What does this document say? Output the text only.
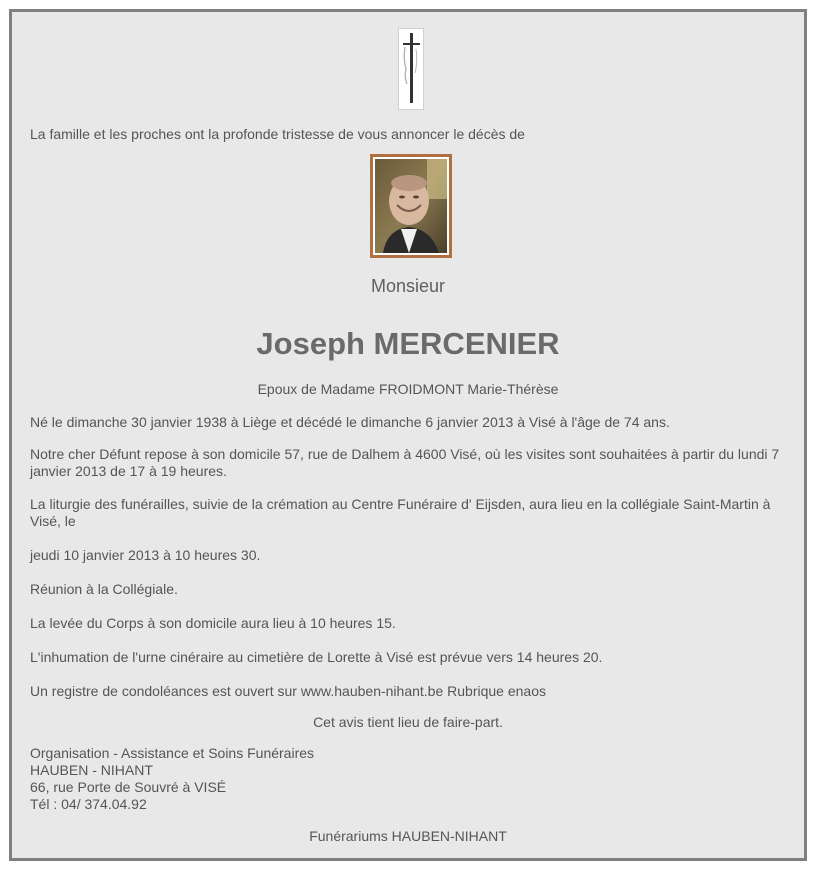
La famille et les proches ont la profonde tristesse de vous annoncer le décès de
Monsieur
Joseph MERCENIER
Epoux de Madame FROIDMONT Marie-Thérèse
Né le dimanche 30 janvier 1938 à Liège et décédé le dimanche 6 janvier 2013 à Visé à l'âge de 74 ans.
Notre cher Défunt repose à son domicile 57, rue de Dalhem à 4600 Visé, où les visites sont souhaitées à partir du lundi 7 janvier 2013 de 17 à 19 heures.
La liturgie des funérailles, suivie de la crémation au Centre Funéraire d' Eijsden, aura lieu en la collégiale Saint-Martin à Visé, le
jeudi 10 janvier 2013 à 10 heures 30.
Réunion à la Collégiale.
La levée du Corps à son domicile aura lieu à 10 heures 15.
L'inhumation de l'urne cinéraire au cimetière de Lorette à Visé est prévue vers 14 heures 20.
Un registre de condoléances est ouvert sur www.hauben-nihant.be Rubrique enaos
Cet avis tient lieu de faire-part.
Organisation - Assistance et Soins Funéraires
HAUBEN - NIHANT
66, rue Porte de Souvré à VISÉ
Tél : 04/ 374.04.92
Funérariums HAUBEN-NIHANT
